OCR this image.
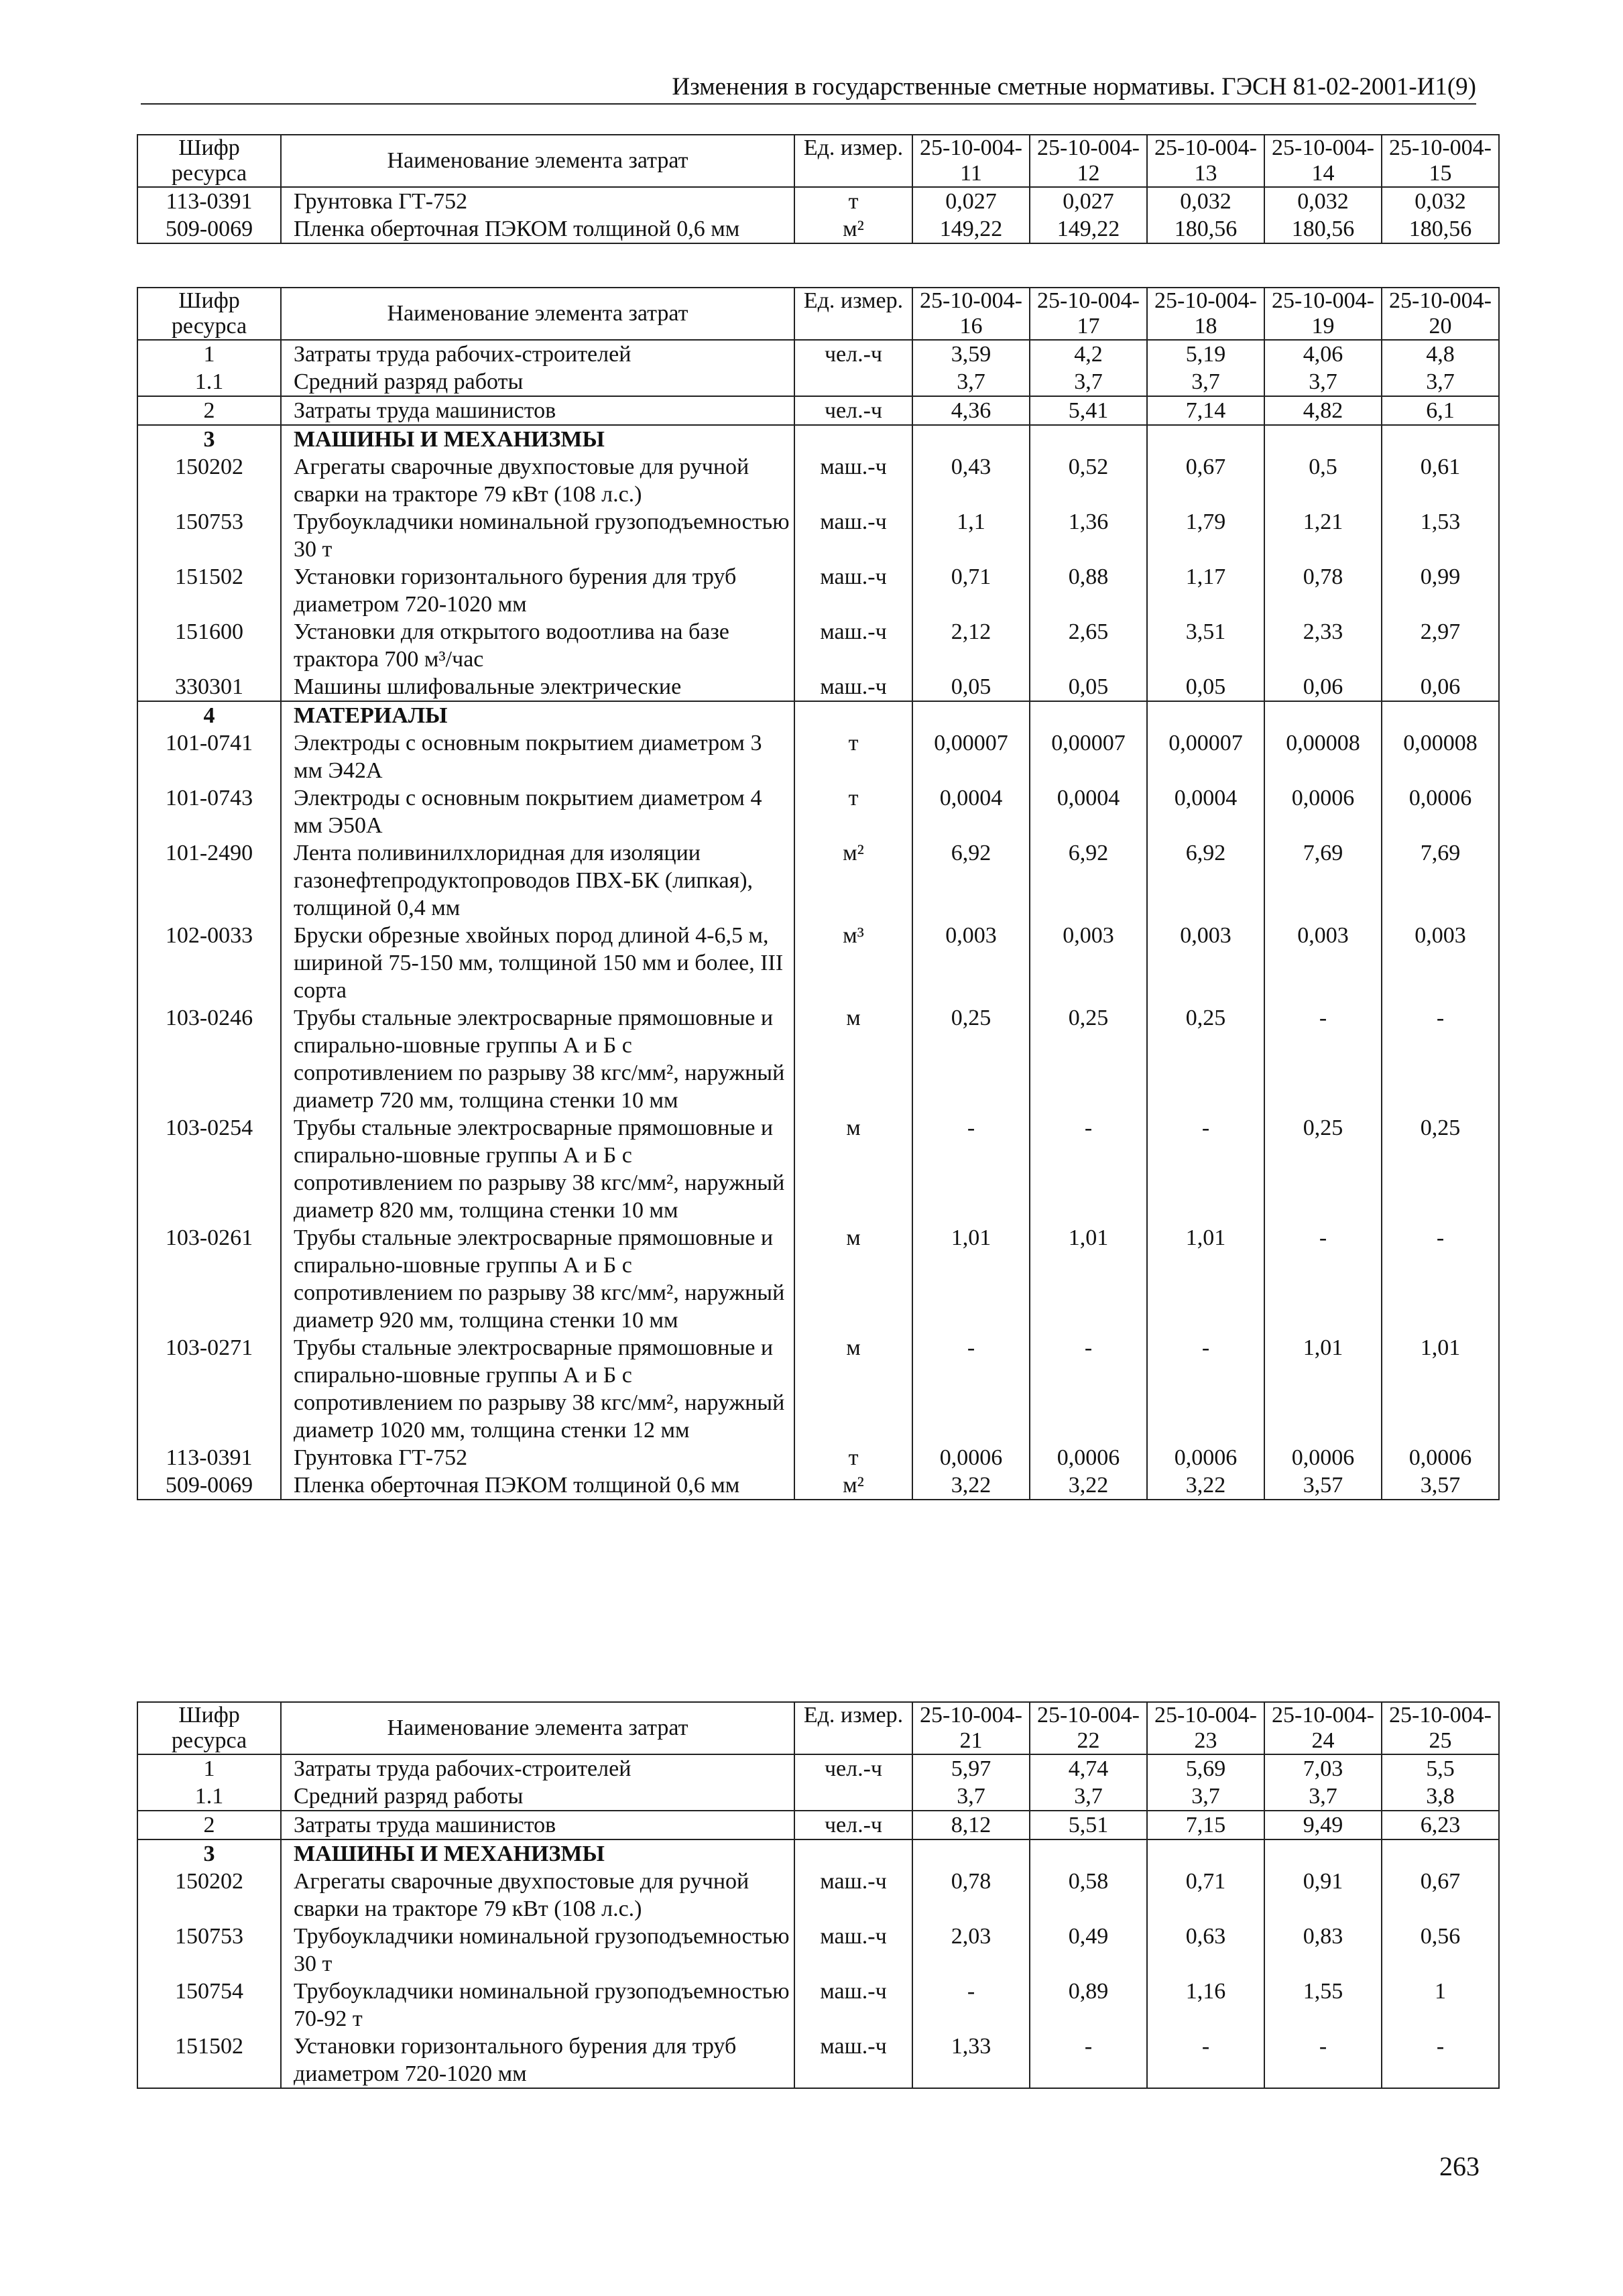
Изменения в государственные сметные нормативы. ГЭСН 81-02-2001-И1(9)
Шифр ресурса	Наименование элемента затрат	Ед. измер.	25-10-004-11	25-10-004-12	25-10-004-13	25-10-004-14	25-10-004-15
113-0391	Грунтовка ГТ-752	т	0,027	0,027	0,032	0,032	0,032
509-0069	Пленка оберточная ПЭКОМ толщиной 0,6 мм	м²	149,22	149,22	180,56	180,56	180,56
Шифр ресурса	Наименование элемента затрат	Ед. измер.	25-10-004-16	25-10-004-17	25-10-004-18	25-10-004-19	25-10-004-20
1	Затраты труда рабочих-строителей	чел.-ч	3,59	4,2	5,19	4,06	4,8
1.1	Средний разряд работы		3,7	3,7	3,7	3,7	3,7
2	Затраты труда машинистов	чел.-ч	4,36	5,41	7,14	4,82	6,1
3	МАШИНЫ И МЕХАНИЗМЫ						
150202	Агрегаты сварочные двухпостовые для ручной сварки на тракторе 79 кВт (108 л.с.)	маш.-ч	0,43	0,52	0,67	0,5	0,61
150753	Трубоукладчики номинальной грузоподъемностью 30 т	маш.-ч	1,1	1,36	1,79	1,21	1,53
151502	Установки горизонтального бурения для труб диаметром 720-1020 мм	маш.-ч	0,71	0,88	1,17	0,78	0,99
151600	Установки для открытого водоотлива на базе трактора 700 м³/час	маш.-ч	2,12	2,65	3,51	2,33	2,97
330301	Машины шлифовальные электрические	маш.-ч	0,05	0,05	0,05	0,06	0,06
4	МАТЕРИАЛЫ						
101-0741	Электроды с основным покрытием диаметром 3 мм Э42А	т	0,00007	0,00007	0,00007	0,00008	0,00008
101-0743	Электроды с основным покрытием диаметром 4 мм Э50А	т	0,0004	0,0004	0,0004	0,0006	0,0006
101-2490	Лента поливинилхлоридная для изоляции газонефтепродуктопроводов ПВХ-БК (липкая), толщиной 0,4 мм	м²	6,92	6,92	6,92	7,69	7,69
102-0033	Бруски обрезные хвойных пород длиной 4-6,5 м, шириной 75-150 мм, толщиной 150 мм и более, III сорта	м³	0,003	0,003	0,003	0,003	0,003
103-0246	Трубы стальные электросварные прямошовные и спирально-шовные группы А и Б с сопротивлением по разрыву 38 кгс/мм², наружный диаметр 720 мм, толщина стенки 10 мм	м	0,25	0,25	0,25	-	-
103-0254	Трубы стальные электросварные прямошовные и спирально-шовные группы А и Б с сопротивлением по разрыву 38 кгс/мм², наружный диаметр 820 мм, толщина стенки 10 мм	м	-	-	-	0,25	0,25
103-0261	Трубы стальные электросварные прямошовные и спирально-шовные группы А и Б с сопротивлением по разрыву 38 кгс/мм², наружный диаметр 920 мм, толщина стенки 10 мм	м	1,01	1,01	1,01	-	-
103-0271	Трубы стальные электросварные прямошовные и спирально-шовные группы А и Б с сопротивлением по разрыву 38 кгс/мм², наружный диаметр 1020 мм, толщина стенки 12 мм	м	-	-	-	1,01	1,01
113-0391	Грунтовка ГТ-752	т	0,0006	0,0006	0,0006	0,0006	0,0006
509-0069	Пленка оберточная ПЭКОМ толщиной 0,6 мм	м²	3,22	3,22	3,22	3,57	3,57
Шифр ресурса	Наименование элемента затрат	Ед. измер.	25-10-004-21	25-10-004-22	25-10-004-23	25-10-004-24	25-10-004-25
1	Затраты труда рабочих-строителей	чел.-ч	5,97	4,74	5,69	7,03	5,5
1.1	Средний разряд работы		3,7	3,7	3,7	3,7	3,8
2	Затраты труда машинистов	чел.-ч	8,12	5,51	7,15	9,49	6,23
3	МАШИНЫ И МЕХАНИЗМЫ						
150202	Агрегаты сварочные двухпостовые для ручной сварки на тракторе 79 кВт (108 л.с.)	маш.-ч	0,78	0,58	0,71	0,91	0,67
150753	Трубоукладчики номинальной грузоподъемностью 30 т	маш.-ч	2,03	0,49	0,63	0,83	0,56
150754	Трубоукладчики номинальной грузоподъемностью 70-92 т	маш.-ч	-	0,89	1,16	1,55	1
151502	Установки горизонтального бурения для труб диаметром 720-1020 мм	маш.-ч	1,33	-	-	-	-
263
